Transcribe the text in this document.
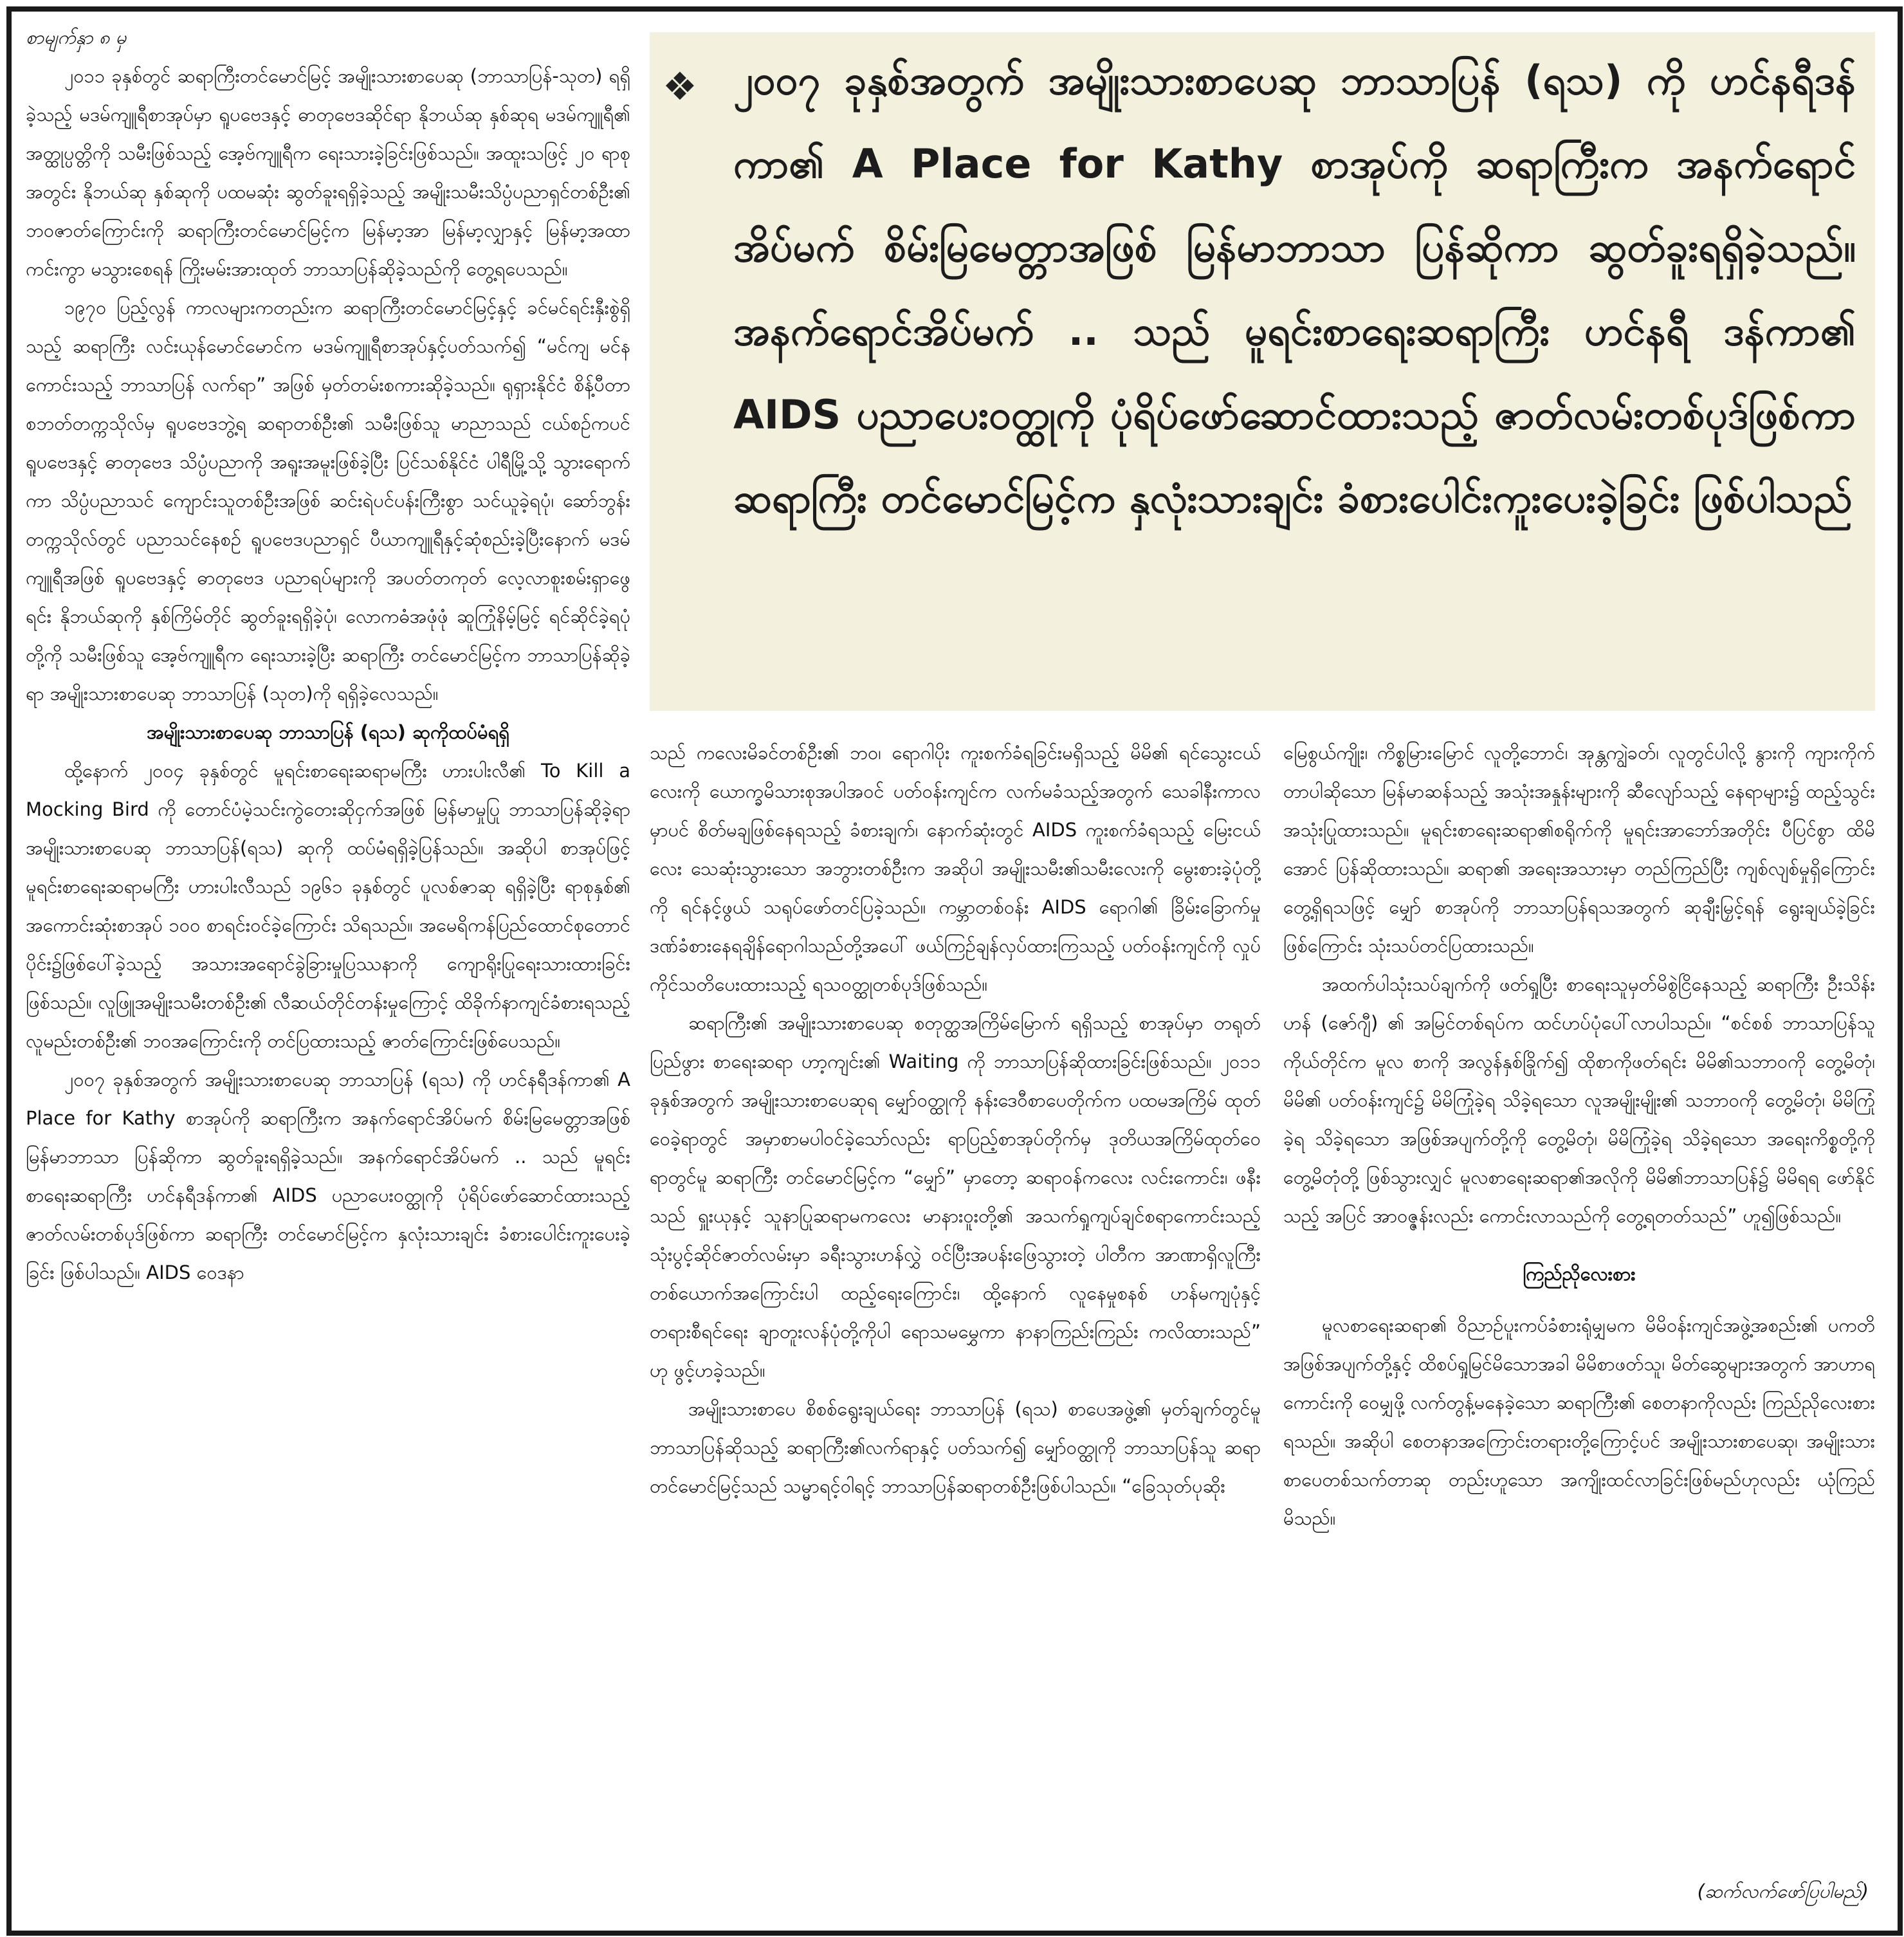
စာမျက်နှာ ၈ မှ

၂၀၁၁ ခုနှစ်တွင် ဆရာကြီးတင်မောင်မြင့် အမျိုးသားစာပေဆု (ဘာသာပြန်-သုတ) ရရှိခဲ့သည့် မဒမ်ကျူရီစာအုပ်မှာ ရူပဗေဒနှင့် ဓာတုဗေဒဆိုင်ရာ နိုဘယ်ဆု နှစ်ဆုရ မဒမ်ကျူရီ၏ အတ္ထုပ္ပတ္တိကို သမီးဖြစ်သည့် အေ့ဗ်ကျူရီက ရေးသားခဲ့ခြင်းဖြစ်သည်။ အထူးသဖြင့် ၂၀ ရာစုအတွင်း နိုဘယ်ဆု နှစ်ဆုကို ပထမဆုံး ဆွတ်ခူးရရှိခဲ့သည့် အမျိုးသမီးသိပ္ပံပညာရှင်တစ်ဦး၏ ဘဝဇာတ်ကြောင်းကို ဆရာကြီးတင်မောင်မြင့်က မြန်မာ့အာ မြန်မာ့လျှာနှင့် မြန်မာ့အထာကင်းကွာ မသွားစေရန် ကြိုးမမ်းအားထုတ် ဘာသာပြန်ဆိုခဲ့သည်ကို တွေ့ရပေသည်။

၁၉၇၀ ပြည့်လွန် ကာလများကတည်းက ဆရာကြီးတင်မောင်မြင့်နှင့် ခင်မင်ရင်းနှီးစွဲရှိသည့် ဆရာကြီး လင်းယုန်မောင်မောင်က မဒမ်ကျူရီစာအုပ်နှင့်ပတ်သက်၍ “မင်ကျ မင်န ကောင်းသည့် ဘာသာပြန် လက်ရာ” အဖြစ် မှတ်တမ်းစကားဆိုခဲ့သည်။ ရုရှားနိုင်ငံ စိန့်ပီတာစဘတ်တက္ကသိုလ်မှ ရူပဗေဒဘွဲ့ရ ဆရာတစ်ဦး၏ သမီးဖြစ်သူ မာညာသည် ငယ်စဉ်ကပင် ရူပဗေဒနှင့် ဓာတုဗေဒ သိပ္ပံပညာကို အရူးအမူးဖြစ်ခဲ့ပြီး ပြင်သစ်နိုင်ငံ ပါရီမြို့သို့ သွားရောက်ကာ သိပ္ပံပညာသင် ကျောင်းသူတစ်ဦးအဖြစ် ဆင်းရဲပင်ပန်းကြီးစွာ သင်ယူခဲ့ရပုံ၊ ဆော်ဘွန်းတက္ကသိုလ်တွင် ပညာသင်နေစဉ် ရူပဗေဒပညာရှင် ပီယာကျူရီနှင့်ဆုံစည်းခဲ့ပြီးနောက် မဒမ်ကျူရီအဖြစ် ရူပဗေဒနှင့် ဓာတုဗေဒ ပညာရပ်များကို အပတ်တကုတ် လေ့လာစူးစမ်းရှာဖွေရင်း နိုဘယ်ဆုကို နှစ်ကြိမ်တိုင် ဆွတ်ခူးရရှိခဲ့ပုံ၊ လောကဓံအဖုံဖုံ ဆူကြုံနိမ့်မြင့် ရင်ဆိုင်ခဲ့ရပုံတို့ကို သမီးဖြစ်သူ အေ့ဗ်ကျူရီက ရေးသားခဲ့ပြီး ဆရာကြီး တင်မောင်မြင့်က ဘာသာပြန်ဆိုခဲ့ရာ အမျိုးသားစာပေဆု ဘာသာပြန် (သုတ)ကို ရရှိခဲ့လေသည်။

အမျိုးသားစာပေဆု ဘာသာပြန် (ရသ) ဆုကိုထပ်မံရရှိ

ထို့နောက် ၂၀၀၄ ခုနှစ်တွင် မူရင်းစာရေးဆရာမကြီး ဟားပါးလီ၏ To Kill a Mocking Bird ကို တောင်ပံမဲ့သင်းကွဲတေးဆိုငှက်အဖြစ် မြန်မာမှုပြု ဘာသာပြန်ဆိုခဲ့ရာ အမျိုးသားစာပေဆု ဘာသာပြန်(ရသ) ဆုကို ထပ်မံရရှိခဲ့ပြန်သည်။ အဆိုပါ စာအုပ်ဖြင့် မူရင်းစာရေးဆရာမကြီး ဟားပါးလီသည် ၁၉၆၁ ခုနှစ်တွင် ပူလစ်ဇာဆု ရရှိခဲ့ပြီး ရာစုနှစ်၏ အကောင်းဆုံးစာအုပ် ၁၀၀ စာရင်းဝင်ခဲ့ကြောင်း သိရသည်။ အမေရိကန်ပြည်ထောင်စုတောင်ပိုင်း၌ဖြစ်ပေါ်ခဲ့သည့် အသားအရောင်ခွဲခြားမှုပြဿနာကို ကျောရိုးပြုရေးသားထားခြင်းဖြစ်သည်။ လူဖြူအမျိုးသမီးတစ်ဦး၏ လီဆယ်တိုင်တန်းမှုကြောင့် ထိခိုက်နာကျင်ခံစားရသည့် လူမည်းတစ်ဦး၏ ဘဝအကြောင်းကို တင်ပြထားသည့် ဇာတ်ကြောင်းဖြစ်ပေသည်။

၂၀၀၇ ခုနှစ်အတွက် အမျိုးသားစာပေဆု ဘာသာပြန် (ရသ) ကို ဟင်နရီဒန်ကာ၏ A Place for Kathy စာအုပ်ကို ဆရာကြီးက အနက်ရောင်အိပ်မက် စိမ်းမြမေတ္တာအဖြစ် မြန်မာဘာသာ ပြန်ဆိုကာ ဆွတ်ခူးရရှိခဲ့သည်။ အနက်ရောင်အိပ်မက် .. သည် မူရင်းစာရေးဆရာကြီး ဟင်နရီဒန်ကာ၏ AIDS ပညာပေးဝတ္ထုကို ပုံရိပ်ဖော်ဆောင်ထားသည့် ဇာတ်လမ်းတစ်ပုဒ်ဖြစ်ကာ ဆရာကြီး တင်မောင်မြင့်က နှလုံးသားချင်း ခံစားပေါင်းကူးပေးခဲ့ခြင်း ဖြစ်ပါသည်။ AIDS ဝေဒနာ

❖ ၂၀၀၇ ခုနှစ်အတွက် အမျိုးသားစာပေဆု ဘာသာပြန် (ရသ) ကို ဟင်နရီဒန်ကာ၏ A Place for Kathy စာအုပ်ကို ဆရာကြီးက အနက်ရောင်အိပ်မက် စိမ်းမြမေတ္တာအဖြစ် မြန်မာဘာသာ ပြန်ဆိုကာ ဆွတ်ခူးရရှိခဲ့သည်။ အနက်ရောင်အိပ်မက် .. သည် မူရင်းစာရေးဆရာကြီး ဟင်နရီ ဒန်ကာ၏ AIDS ပညာပေးဝတ္ထုကို ပုံရိပ်ဖော်ဆောင်ထားသည့် ဇာတ်လမ်းတစ်ပုဒ်ဖြစ်ကာ ဆရာကြီး တင်မောင်မြင့်က နှလုံးသားချင်း ခံစားပေါင်းကူးပေးခဲ့ခြင်း ဖြစ်ပါသည်

သည် ကလေးမိခင်တစ်ဦး၏ ဘဝ၊ ရောဂါပိုး ကူးစက်ခံရခြင်းမရှိသည့် မိမိ၏ ရင်သွေးငယ်လေးကို ယောက္ခမိသားစုအပါအဝင် ပတ်ဝန်းကျင်က လက်မခံသည့်အတွက် သေခါနီးကာလမှာပင် စိတ်မချဖြစ်နေရသည့် ခံစားချက်၊ နောက်ဆုံးတွင် AIDS ကူးစက်ခံရသည့် မြေးငယ်လေး သေဆုံးသွားသော အဘွားတစ်ဦးက အဆိုပါ အမျိုးသမီး၏သမီးလေးကို မွေးစားခဲ့ပုံတို့ကို ရင်နင့်ဖွယ် သရုပ်ဖော်တင်ပြခဲ့သည်။ ကမ္ဘာတစ်ဝန်း AIDS ရောဂါ၏ ခြိမ်းခြောက်မှု ဒဏ်ခံစားနေရချိန်ရောဂါသည်တို့အပေါ် ဖယ်ကြဉ်ချန်လှပ်ထားကြသည့် ပတ်ဝန်းကျင်ကို လှုပ်ကိုင်သတိပေးထားသည့် ရသဝတ္ထုတစ်ပုဒ်ဖြစ်သည်။

ဆရာကြီး၏ အမျိုးသားစာပေဆု စတုတ္ထအကြိမ်မြောက် ရရှိသည့် စာအုပ်မှာ တရုတ်ပြည်ဖွား စာရေးဆရာ ဟာ့ကျင်း၏ Waiting ကို ဘာသာပြန်ဆိုထားခြင်းဖြစ်သည်။ ၂၀၁၁ ခုနှစ်အတွက် အမျိုးသားစာပေဆုရ မျှော်ဝတ္ထုကို နန်းဒေဝီစာပေတိုက်က ပထမအကြိမ် ထုတ်ဝေခဲ့ရာတွင် အမှာစာမပါဝင်ခဲ့သော်လည်း ရာပြည့်စာအုပ်တိုက်မှ ဒုတိယအကြိမ်ထုတ်ဝေရာတွင်မူ ဆရာကြီး တင်မောင်မြင့်က “မျှော်” မှာတော့ ဆရာဝန်ကလေး လင်းကောင်း၊ ဖနီးသည် ရှူးယုနှင့် သူနာပြုဆရာမကလေး မာနားဝူးတို့၏ အသက်ရှုကျပ်ချင်စရာကောင်းသည့် သုံးပွင့်ဆိုင်ဇာတ်လမ်းမှာ ခရီးသွားဟန်လွှဲ ဝင်ပြီးအပန်းဖြေသွားတဲ့ ပါတီက အာဏာရှိလူကြီး တစ်ယောက်အကြောင်းပါ ထည့်ရေးကြောင်း၊ ထို့နောက် လူနေမှုစနစ် ဟန်မကျပုံနှင့် တရားစီရင်ရေး ချာတူးလန်ပုံတို့ကိုပါ ရောသမမွှေကာ နာနာကြည်းကြည်း ကလိထားသည်” ဟု ဖွင့်ဟခဲ့သည်။

အမျိုးသားစာပေ စိစစ်ရွေးချယ်ရေး ဘာသာပြန် (ရသ) စာပေအဖွဲ့၏ မှတ်ချက်တွင်မူ ဘာသာပြန်ဆိုသည့် ဆရာကြီး၏လက်ရာနှင့် ပတ်သက်၍ မျှော်ဝတ္ထုကို ဘာသာပြန်သူ ဆရာ တင်မောင်မြင့်သည် သမ္မာရင့်ဝါရင့် ဘာသာပြန်ဆရာတစ်ဦးဖြစ်ပါသည်။ “ခြေသုတ်ပုဆိုး

မြေစွယ်ကျိုး၊ ကိစ္စမြားမြောင် လူတို့ဘောင်၊ အုန္တကျွဲခတ်၊ လူတွင်ပါလို့ နွားကို ကျားကိုက်တာပါဆိုသော မြန်မာဆန်သည့် အသုံးအနှုန်းများကို ဆီလျော်သည့် နေရာများ၌ ထည့်သွင်းအသုံးပြုထားသည်။ မူရင်းစာရေးဆရာ၏စရိုက်ကို မူရင်းအာဘော်အတိုင်း ပီပြင်စွာ ထိမိအောင် ပြန်ဆိုထားသည်။ ဆရာ၏ အရေးအသားမှာ တည်ကြည်ပြီး ကျစ်လျစ်မှုရှိကြောင်း တွေ့ရှိရသဖြင့် မျှော် စာအုပ်ကို ဘာသာပြန်ရသအတွက် ဆုချီးမြှင့်ရန် ရွေးချယ်ခဲ့ခြင်းဖြစ်ကြောင်း သုံးသပ်တင်ပြထားသည်။

အထက်ပါသုံးသပ်ချက်ကို ဖတ်ရှုပြီး စာရေးသူမှတ်မိစွဲငြိနေသည့် ဆရာကြီး ဦးသိန်းဟန် (ဇော်ဂျီ) ၏ အမြင်တစ်ရပ်က ထင်ဟပ်ပုံပေါ်လာပါသည်။ “စင်စစ် ဘာသာပြန်သူကိုယ်တိုင်က မူလ စာကို အလွန်နှစ်ခြိုက်၍ ထိုစာကိုဖတ်ရင်း မိမိ၏သဘာဝကို တွေ့မိတုံ၊ မိမိ၏ ပတ်ဝန်းကျင်၌ မိမိကြုံခဲ့ရ သိခဲ့ရသော လူအမျိုးမျိုး၏ သဘာဝကို တွေ့မိတုံ၊ မိမိကြုံခဲ့ရ သိခဲ့ရသော အဖြစ်အပျက်တို့ကို တွေ့မိတုံ၊ မိမိကြုံခဲ့ရ သိခဲ့ရသော အရေးကိစ္စတို့ကို တွေ့မိတုံတို့ ဖြစ်သွားလျှင် မူလစာရေးဆရာ၏အလိုကို မိမိ၏ဘာသာပြန်၌ မိမိရရ ဖော်နိုင်သည့် အပြင် အာဝဇ္ဇန်းလည်း ကောင်းလာသည်ကို တွေ့ရတတ်သည်” ဟူ၍ဖြစ်သည်။

ကြည်ညိုလေးစား

မူလစာရေးဆရာ၏ ဝိညာဉ်ပူးကပ်ခံစားရုံမျှမက မိမိဝန်းကျင်အဖွဲ့အစည်း၏ ပကတိအဖြစ်အပျက်တို့နှင့် ထိစပ်ရှုမြင်မိသောအခါ မိမိစာဖတ်သူ၊ မိတ်ဆွေများအတွက် အာဟာရကောင်းကို ဝေမျှဖို့ လက်တွန့်မနေခဲ့သော ဆရာကြီး၏ စေတနာကိုလည်း ကြည်ညိုလေးစားရသည်။ အဆိုပါ စေတနာအကြောင်းတရားတို့ကြောင့်ပင် အမျိုးသားစာပေဆု၊ အမျိုးသားစာပေတစ်သက်တာဆု တည်းဟူသော အကျိုးထင်လာခြင်းဖြစ်မည်ဟုလည်း ယုံကြည်မိသည်။

(ဆက်လက်ဖော်ပြပါမည်)
